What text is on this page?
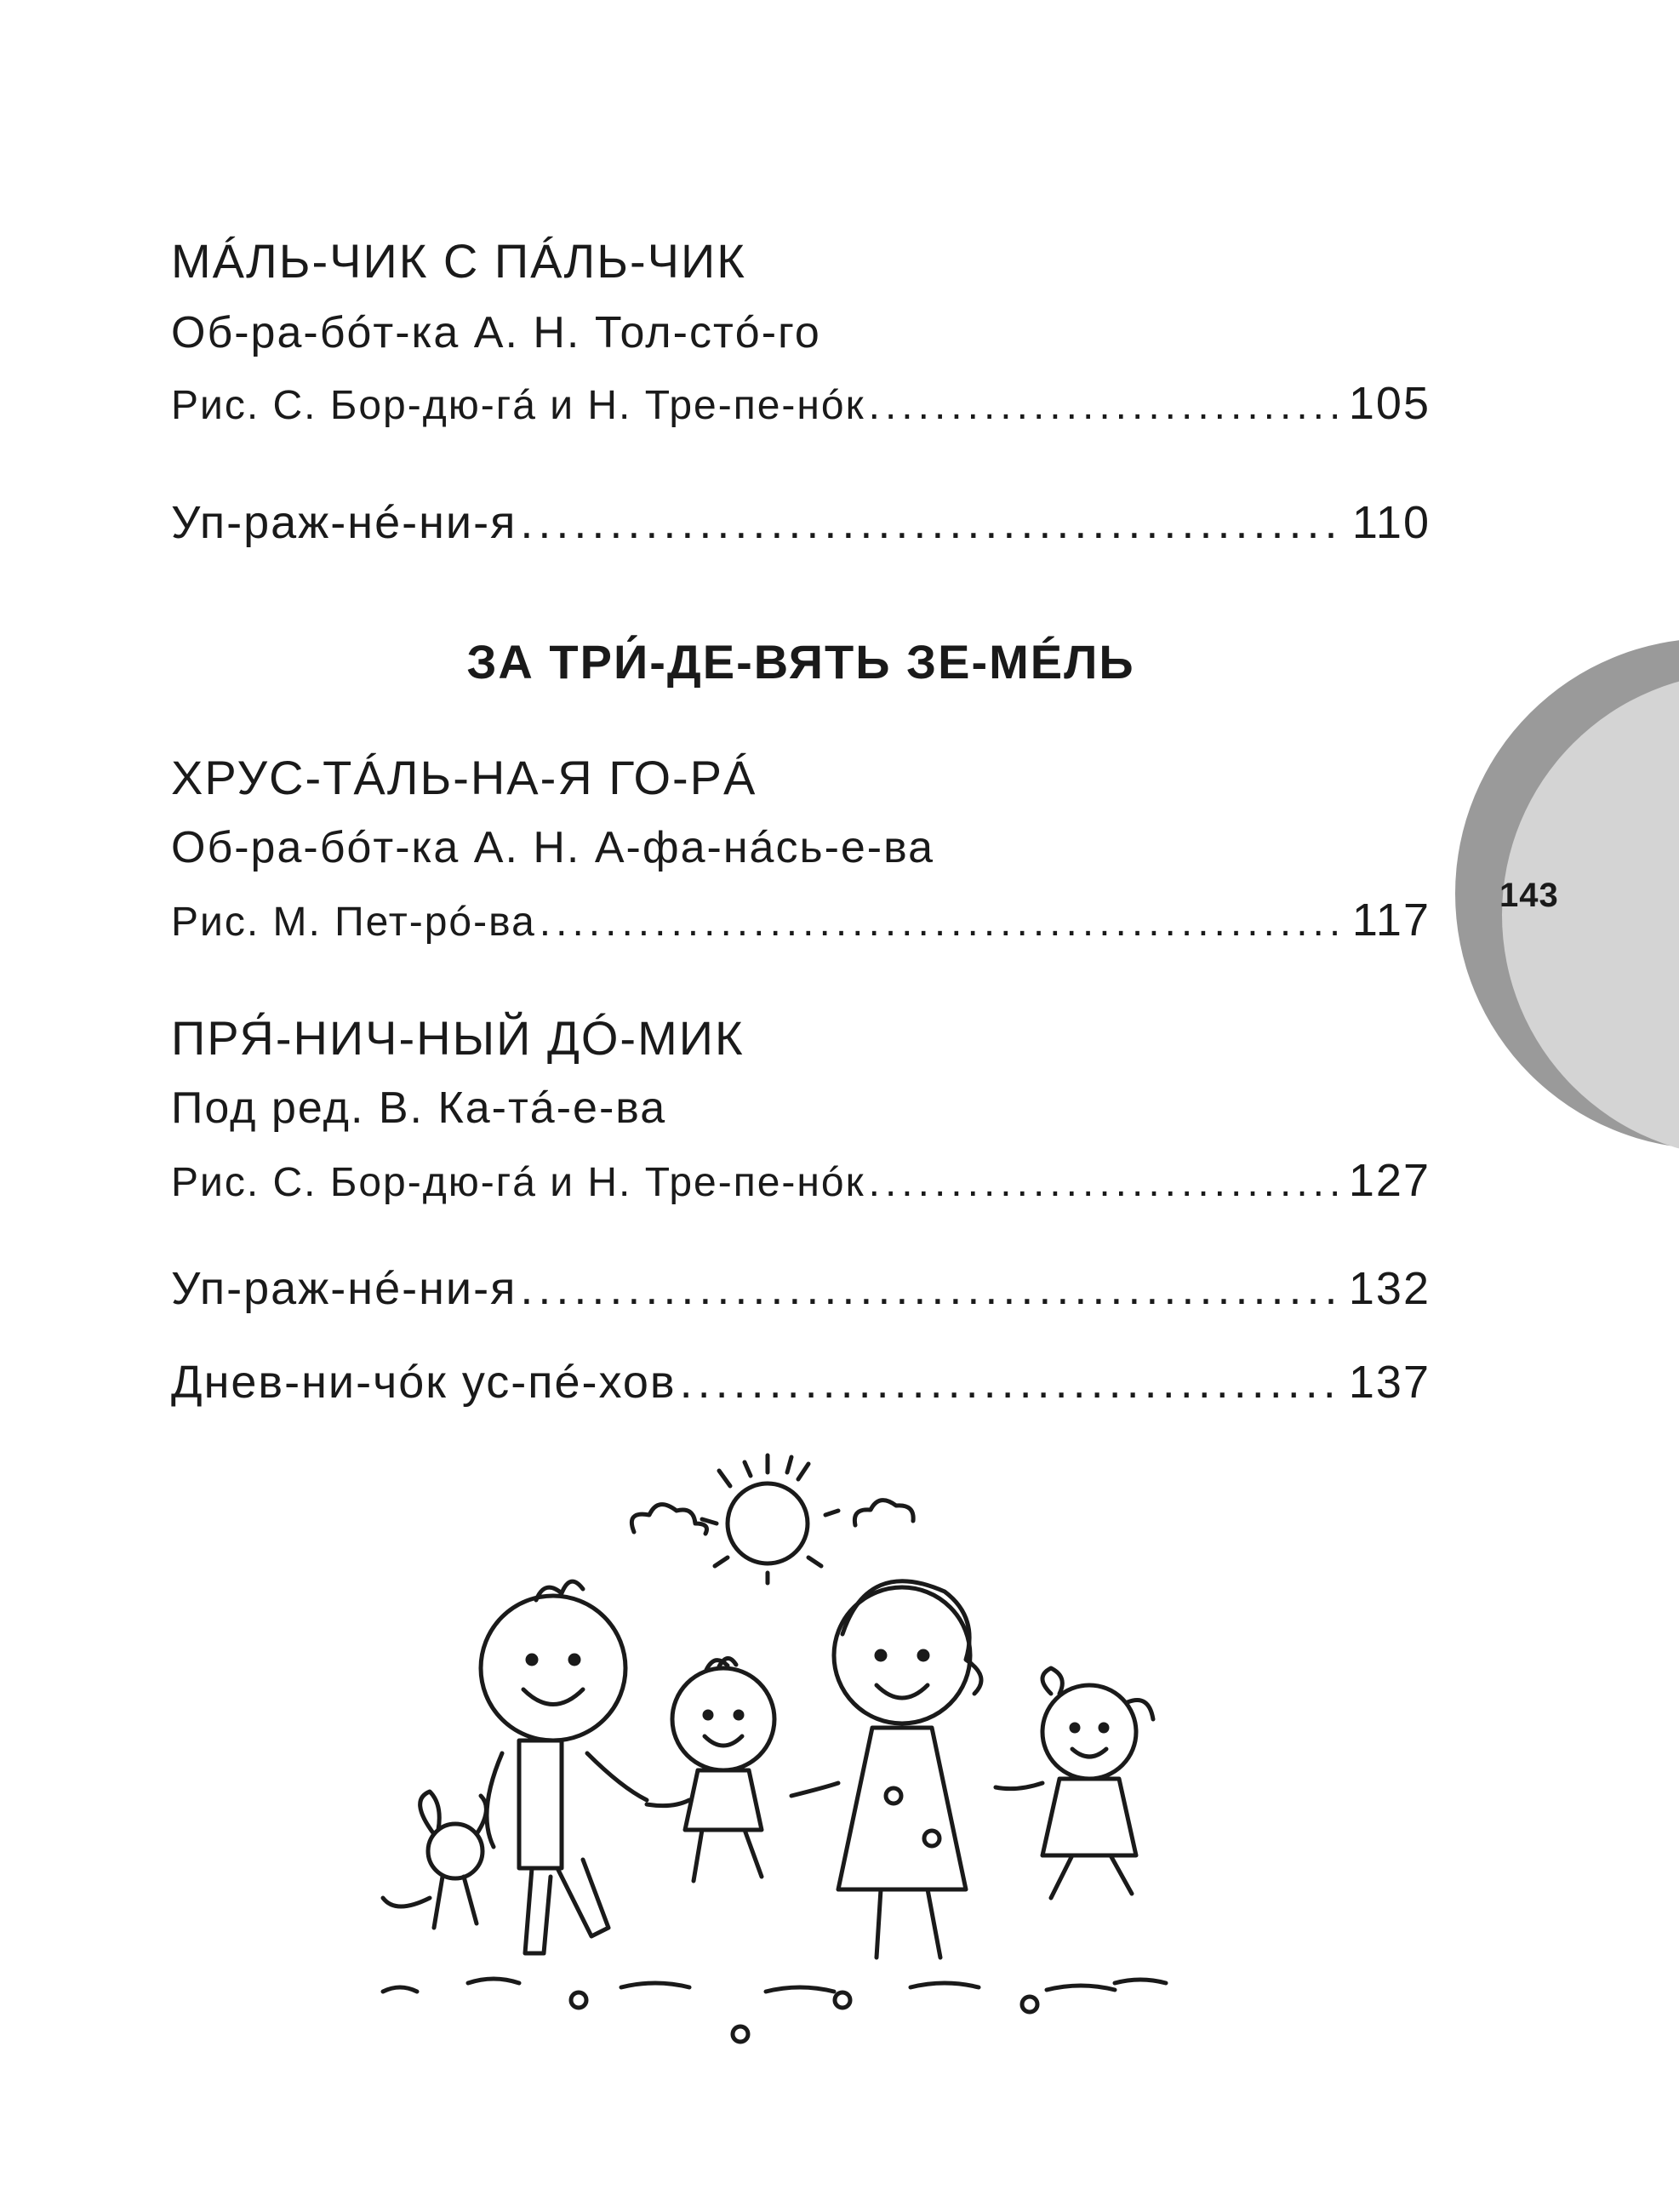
МÁЛЬ-ЧИК С ПÁЛЬ-ЧИК
Об-ра-бóт-ка А. Н. Тол-стó-го
Рис. С. Бор-дю-гá и Н. Тре-пе-нóк .....	105
Уп-раж-нé-ни-я .....	110
ЗА ТРИ́-ДЕ-ВЯТЬ ЗЕ-МÉЛЬ
ХРУС-ТÁЛЬ-НА-Я ГО-РÁ
Об-ра-бóт-ка А. Н. А-фа-нáсь-е-ва
Рис. М. Пет-рó-ва .....	117
ПРЯ́-НИЧ-НЫЙ ДÓ-МИК
Под ред. В. Ка-тá-е-ва
Рис. С. Бор-дю-гá и Н. Тре-пе-нóк .....	127
Уп-раж-нé-ни-я .....	132
Днев-ни-чóк ус-пé-хов .....	137
143
